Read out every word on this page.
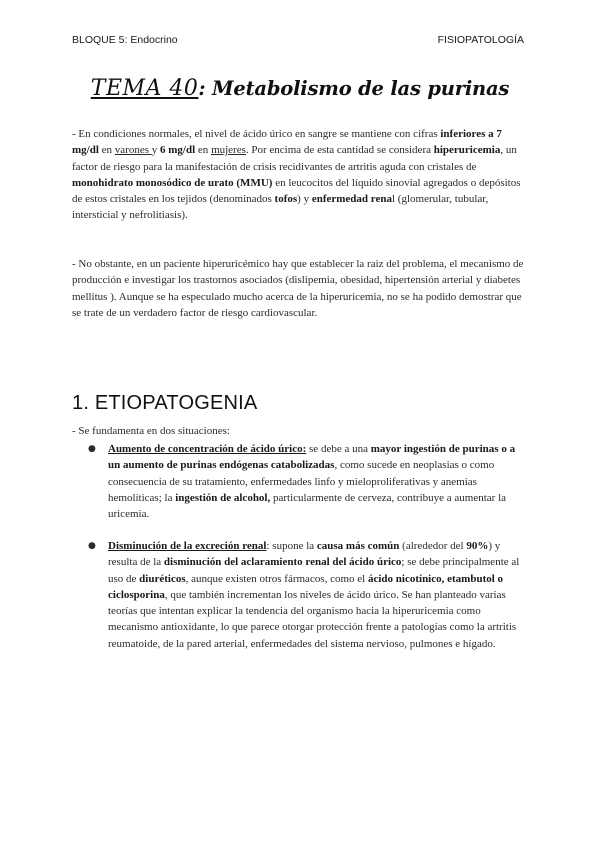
BLOQUE 5: Endocrino	FISIOPATOLOGÍA
TEMA 40: Metabolismo de las purinas
- En condiciones normales, el nivel de ácido úrico en sangre se mantiene con cifras inferiores a 7 mg/dl en varones y 6 mg/dl en mujeres. Por encima de esta cantidad se considera hiperuricemia, un factor de riesgo para la manifestación de crisis recidivantes de artritis aguda con cristales de monohidrato monosódico de urato (MMU) en leucocitos del líquido sinovial agregados o depósitos de estos cristales en los tejidos (denominados tofos) y enfermedad renal (glomerular, tubular, intersticial y nefrolitiasis).
- No obstante, en un paciente hiperuricémico hay que establecer la raiz del problema, el mecanismo de producción e investigar los trastornos asociados (dislipemia, obesidad, hipertensión arterial y diabetes mellitus ). Aunque se ha especulado mucho acerca de la hiperuricemia, no se ha podido demostrar que se trate de un verdadero factor de riesgo cardiovascular.
1. ETIOPATOGENIA
- Se fundamenta en dos situaciones:
● Aumento de concentración de ácido úrico: se debe a una mayor ingestión de purinas o a un aumento de purinas endógenas catabolizadas, como sucede en neoplasias o como consecuencia de su tratamiento, enfermedades linfo y mieloproliferativas y anemias hemolíticas; la ingestión de alcohol, particularmente de cerveza, contribuye a aumentar la uricemia.
● Disminución de la excreción renal: supone la causa más común (alrededor del 90%) y resulta de la disminución del aclaramiento renal del ácido úrico; se debe principalmente al uso de diuréticos, aunque existen otros fármacos, como el ácido nicotínico, etambutol o ciclosporina, que también incrementan los niveles de ácido úrico. Se han planteado varias teorías que intentan explicar la tendencia del organismo hacia la hiperuricemia como mecanismo antioxidante, lo que parece otorgar protección frente a patologías como la artritis reumatoide, de la pared arterial, enfermedades del sistema nervioso, pulmones e hígado.
